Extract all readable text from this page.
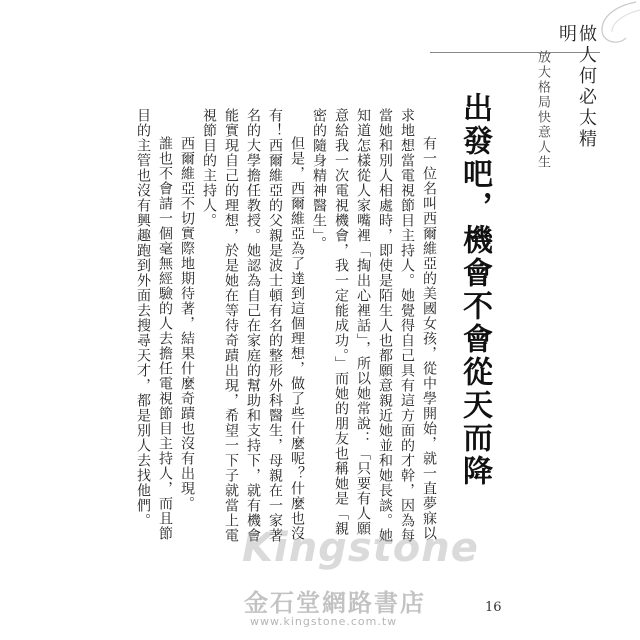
做人何必太精明
放大格局快意人生
出發吧，機會不會從天而降

有一位名叫西爾維亞的美國女孩，從中學開始，就一直夢寐以求地想當電視節目主持人。她覺得自己具有這方面的才幹，因為每當她和別人相處時，即使是陌生人也都願意親近她並和她長談。她知道怎樣從人家嘴裡「掏出心裡話」，所以她常說：「只要有人願意給我一次電視機會，我一定能成功。」而她的朋友也稱她是「親密的隨身精神醫生」。

但是，西爾維亞為了達到這個理想，做了些什麼呢？什麼也沒有！西爾維亞的父親是波士頓有名的整形外科醫生，母親在一家著名的大學擔任教授。她認為自己在家庭的幫助和支持下，就有機會能實現自己的理想，於是她在等待奇蹟出現，希望一下子就當上電視節目的主持人。

西爾維亞不切實際地期待著，結果什麼奇蹟也沒有出現。

誰也不會請一個毫無經驗的人去擔任電視節目主持人，而且節目的主管也沒有興趣跑到外面去搜尋天才，都是別人去找他們。

Kingstone
金石堂網路書店
www.kingstone.com.tw
16
